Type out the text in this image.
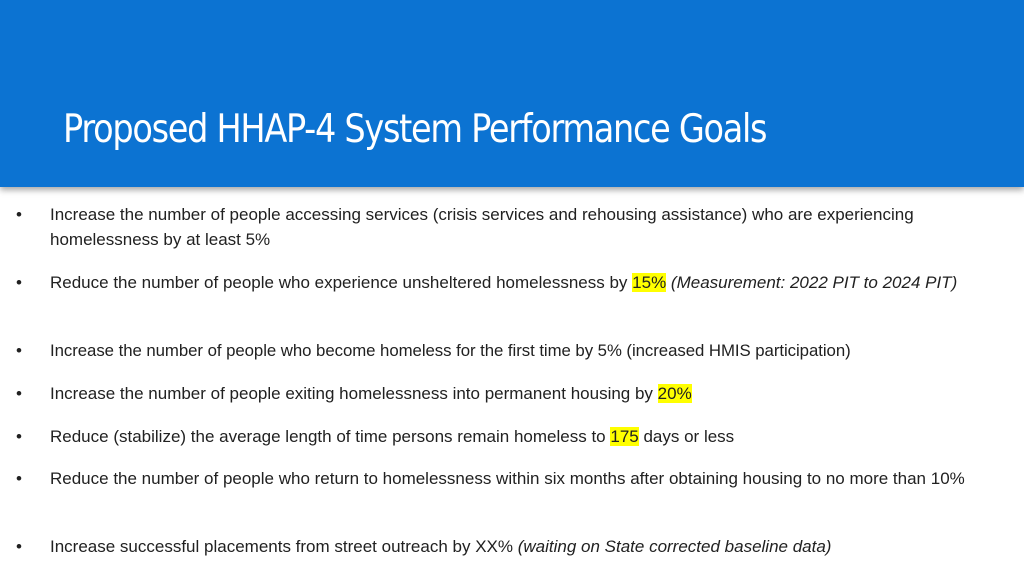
Proposed HHAP-4 System Performance Goals
• Increase the number of people accessing services (crisis services and rehousing assistance) who are experiencing homelessness by at least 5%
• Reduce the number of people who experience unsheltered homelessness by 15% (Measurement: 2022 PIT to 2024 PIT)
• Increase the number of people who become homeless for the first time by 5% (increased HMIS participation)
• Increase the number of people exiting homelessness into permanent housing by 20%
• Reduce (stabilize) the average length of time persons remain homeless to 175 days or less
• Reduce the number of people who return to homelessness within six months after obtaining housing to no more than 10%
• Increase successful placements from street outreach by XX% (waiting on State corrected baseline data)
